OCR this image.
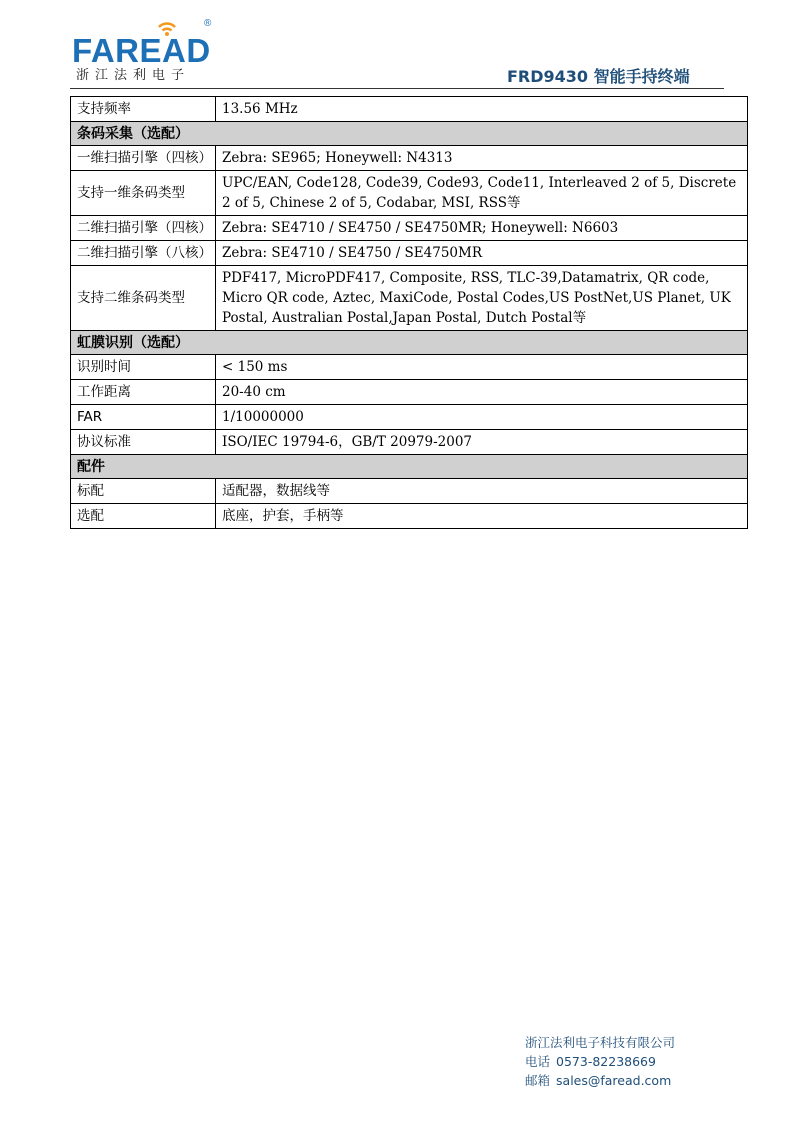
FAREAD
®
浙江法利电子	FRD9430 智能手持终端
支持频率	13.56 MHz
条码采集（选配）	
一维扫描引擎（四核）	Zebra: SE965; Honeywell: N4313
支持一维条码类型	UPC/EAN, Code128, Code39, Code93, Code11, Interleaved 2 of 5, Discrete 2 of 5, Chinese 2 of 5, Codabar, MSI, RSS等
二维扫描引擎（四核）	Zebra: SE4710 / SE4750 / SE4750MR; Honeywell: N6603
二维扫描引擎（八核）	Zebra: SE4710 / SE4750 / SE4750MR
支持二维条码类型	PDF417, MicroPDF417, Composite, RSS, TLC-39,Datamatrix, QR code, Micro QR code, Aztec, MaxiCode, Postal Codes,US PostNet,US Planet, UK Postal, Australian Postal,Japan Postal, Dutch Postal等
虹膜识别（选配）	
识别时间	< 150 ms
工作距离	20-40 cm
FAR	1/10000000
协议标准	ISO/IEC 19794-6，GB/T 20979-2007
配件	
标配	适配器，数据线等
选配	底座，护套，手柄等
浙江法利电子科技有限公司
电话 0573-82238669
邮箱 sales@faread.com
